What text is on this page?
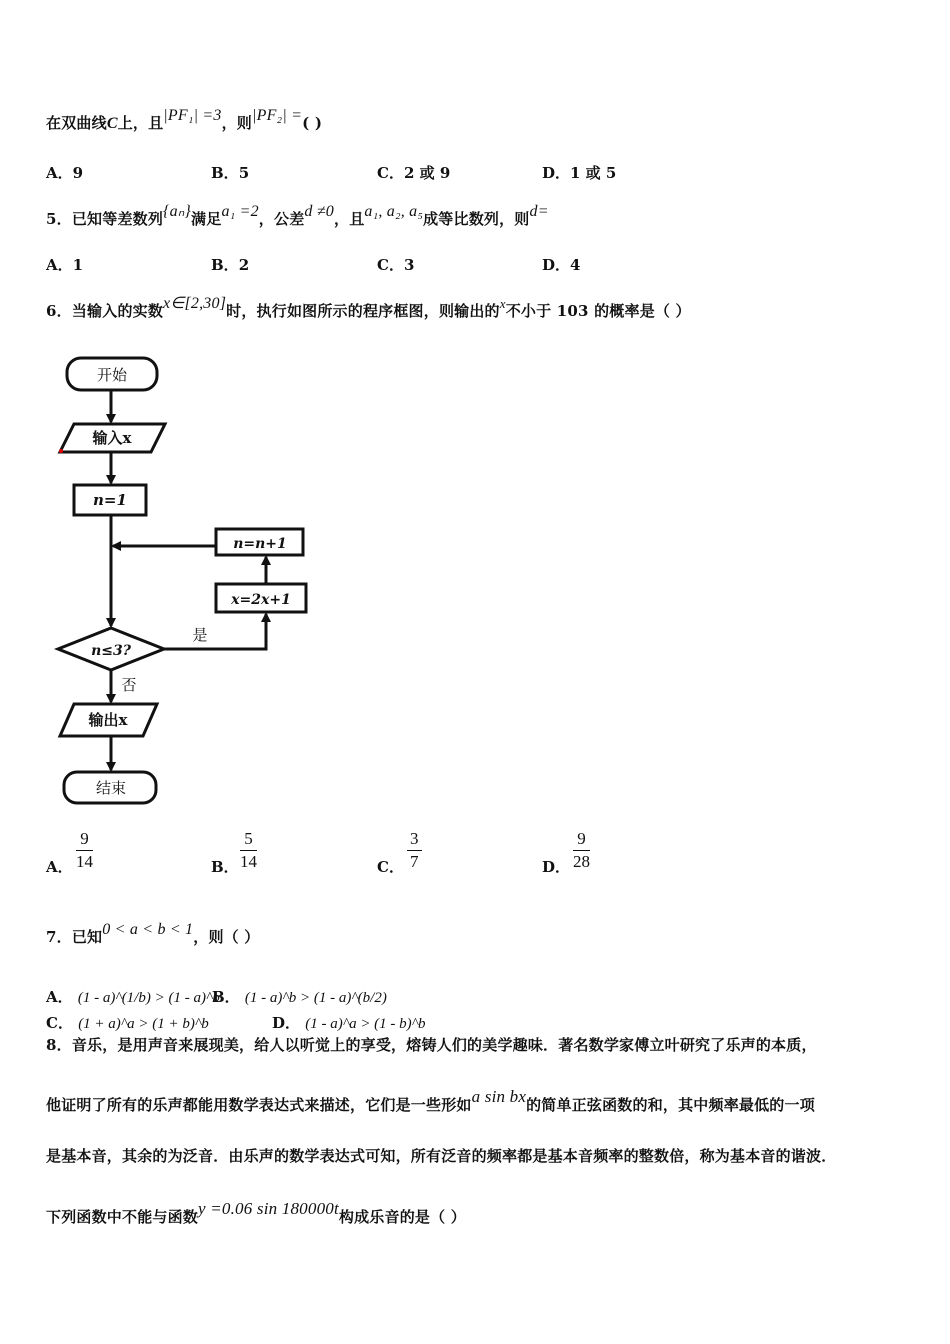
在双曲线C上，且|PF₁| =3，则|PF₂| =( )
A．9	B．5	C．2 或 9	D．1 或 5
5．已知等差数列{aₙ}满足a₁ =2，公差d ≠0，且a₁, a₂, a₅成等比数列，则d=
A．1	B．2	C．3	D．4
6．当输入的实数x∈[2,30]时，执行如图所示的程序框图，则输出的x不小于 103 的概率是（ ）
开始
输入x
n=1
n=n+1
x=2x+1
n≤3?
是
否
输出x
结束
A． $\frac{9}{14}$	B． $\frac{5}{14}$	C． $\frac{3}{7}$	D． $\frac{9}{28}$
7．已知0 < a < b < 1，则（ ）
A． (1 - a)^(1/b) > (1 - a)^b
B． (1 - a)^b > (1 - a)^(b/2)
C． (1 + a)^a > (1 + b)^b	D． (1 - a)^a > (1 - b)^b
8．音乐，是用声音来展现美，给人以听觉上的享受，熔铸人们的美学趣味．著名数学家傅立叶研究了乐声的本质，
他证明了所有的乐声都能用数学表达式来描述，它们是一些形如a sin bx的简单正弦函数的和，其中频率最低的一项
是基本音，其余的为泛音．由乐声的数学表达式可知，所有泛音的频率都是基本音频率的整数倍，称为基本音的谐波．
下列函数中不能与函数y =0.06 sin 180000t构成乐音的是（ ）
